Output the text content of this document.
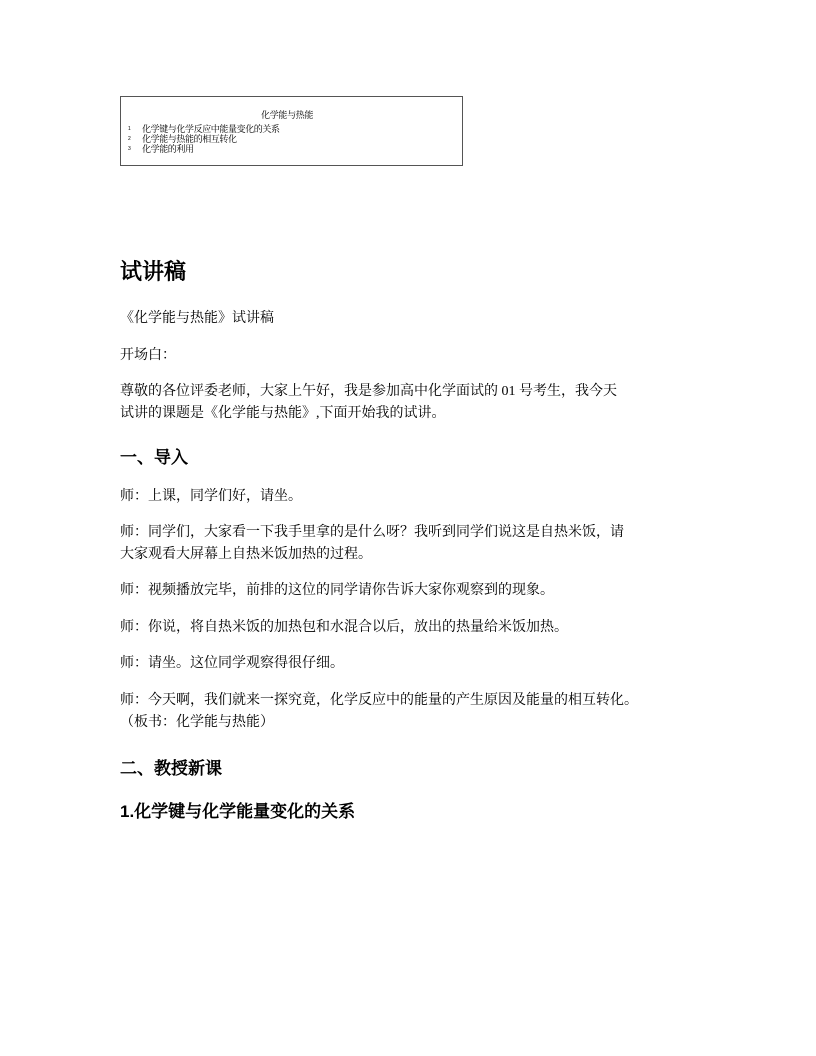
化学能与热能
1 化学键与化学反应中能量变化的关系
2 化学能与热能的相互转化
3 化学能的利用
试讲稿
《化学能与热能》试讲稿
开场白：
尊敬的各位评委老师，大家上午好，我是参加高中化学面试的 01 号考生，我今天
试讲的课题是《化学能与热能》,下面开始我的试讲。
一、导入
师：上课，同学们好，请坐。
师：同学们，大家看一下我手里拿的是什么呀？我听到同学们说这是自热米饭，请
大家观看大屏幕上自热米饭加热的过程。
师：视频播放完毕，前排的这位的同学请你告诉大家你观察到的现象。
师：你说，将自热米饭的加热包和水混合以后，放出的热量给米饭加热。
师：请坐。这位同学观察得很仔细。
师：今天啊，我们就来一探究竟，化学反应中的能量的产生原因及能量的相互转化。
（板书：化学能与热能）
二、教授新课
1.化学键与化学能量变化的关系
